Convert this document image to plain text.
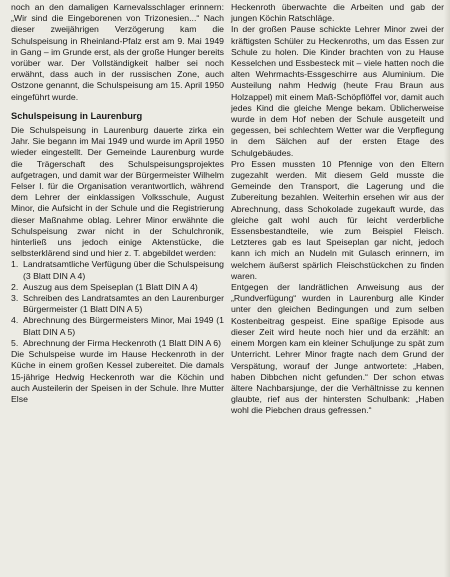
noch an den damaligen Karnevalsschlager erinnern: „Wir sind die Eingeborenen von Trizonesien...“ Nach dieser zweijährigen Verzögerung kam die Schulspeisung in Rheinland-Pfalz erst am 9. Mai 1949 in Gang – im Grunde erst, als der große Hunger bereits vorüber war. Der Vollständigkeit halber sei noch erwähnt, dass auch in der russischen Zone, auch Ostzone genannt, die Schulspeisung am 15. April 1950 eingeführt wurde.

Schulspeisung in Laurenburg

Die Schulspeisung in Laurenburg dauerte zirka ein Jahr. Sie begann im Mai 1949 und wurde im April 1950 wieder eingestellt. Der Gemeinde Laurenburg wurde die Trägerschaft des Schulspeisungsprojektes aufgetragen, und damit war der Bürgermeister Wilhelm Felser I. für die Organisation verantwortlich, während dem Lehrer der einklassigen Volksschule, August Minor, die Aufsicht in der Schule und die Registrierung dieser Maßnahme oblag. Lehrer Minor erwähnte die Schulspeisung zwar nicht in der Schulchronik, hinterließ uns jedoch einige Aktenstücke, die selbsterklärend sind und hier z. T. abgebildet werden:

1. Landratsamtliche Verfügung über die Schulspeisung (3 Blatt DIN A 4)
2. Auszug aus dem Speiseplan (1 Blatt DIN A 4)
3. Schreiben des Landratsamtes an den Laurenburger Bürgermeister (1 Blatt DIN A 5)
4. Abrechnung des Bürgermeisters Minor, Mai 1949 (1 Blatt DIN A 5)
5. Abrechnung der Firma Heckenroth (1 Blatt DIN A 6)

Die Schulspeise wurde im Hause Heckenroth in der Küche in einem großen Kessel zubereitet. Die damals 15-jährige Hedwig Heckenroth war die Köchin und auch Austeilerin der Speisen in der Schule. Ihre Mutter Else

Heckenroth überwachte die Arbeiten und gab der jungen Köchin Ratschläge.

In der großen Pause schickte Lehrer Minor zwei der kräftigsten Schüler zu Heckenroths, um das Essen zur Schule zu holen. Die Kinder brachten von zu Hause Kesselchen und Essbesteck mit – viele hatten noch die alten Wehrmachts-Essgeschirre aus Aluminium. Die Austeilung nahm Hedwig (heute Frau Braun aus Holzappel) mit einem Maß-Schöpflöffel vor, damit auch jedes Kind die gleiche Menge bekam. Üblicherweise wurde in dem Hof neben der Schule ausgeteilt und gegessen, bei schlechtem Wetter war die Verpflegung in dem Sälchen auf der ersten Etage des Schulgebäudes.

Pro Essen mussten 10 Pfennige von den Eltern zugezahlt werden. Mit diesem Geld musste die Gemeinde den Transport, die Lagerung und die Zubereitung bezahlen. Weiterhin ersehen wir aus der Abrechnung, dass Schokolade zugekauft wurde, das gleiche galt wohl auch für leicht verderbliche Essensbestandteile, wie zum Beispiel Fleisch. Letzteres gab es laut Speiseplan gar nicht, jedoch kann ich mich an Nudeln mit Gulasch erinnern, im welchem äußerst spärlich Fleischstückchen zu finden waren.

Entgegen der landrätlichen Anweisung aus der „Rundverfügung“ wurden in Laurenburg alle Kinder unter den gleichen Bedingungen und zum selben Kostenbeitrag gespeist. Eine spaßige Episode aus dieser Zeit wird heute noch hier und da erzählt: an einem Morgen kam ein kleiner Schuljunge zu spät zum Unterricht. Lehrer Minor fragte nach dem Grund der Verspätung, worauf der Junge antwortete: „Haben, haben Dibbchen nicht gefunden.“ Der schon etwas ältere Nachbarsjunge, der die Verhältnisse zu kennen glaubte, rief aus der hintersten Schulbank: „Haben wohl die Piebchen draus gefressen.“
